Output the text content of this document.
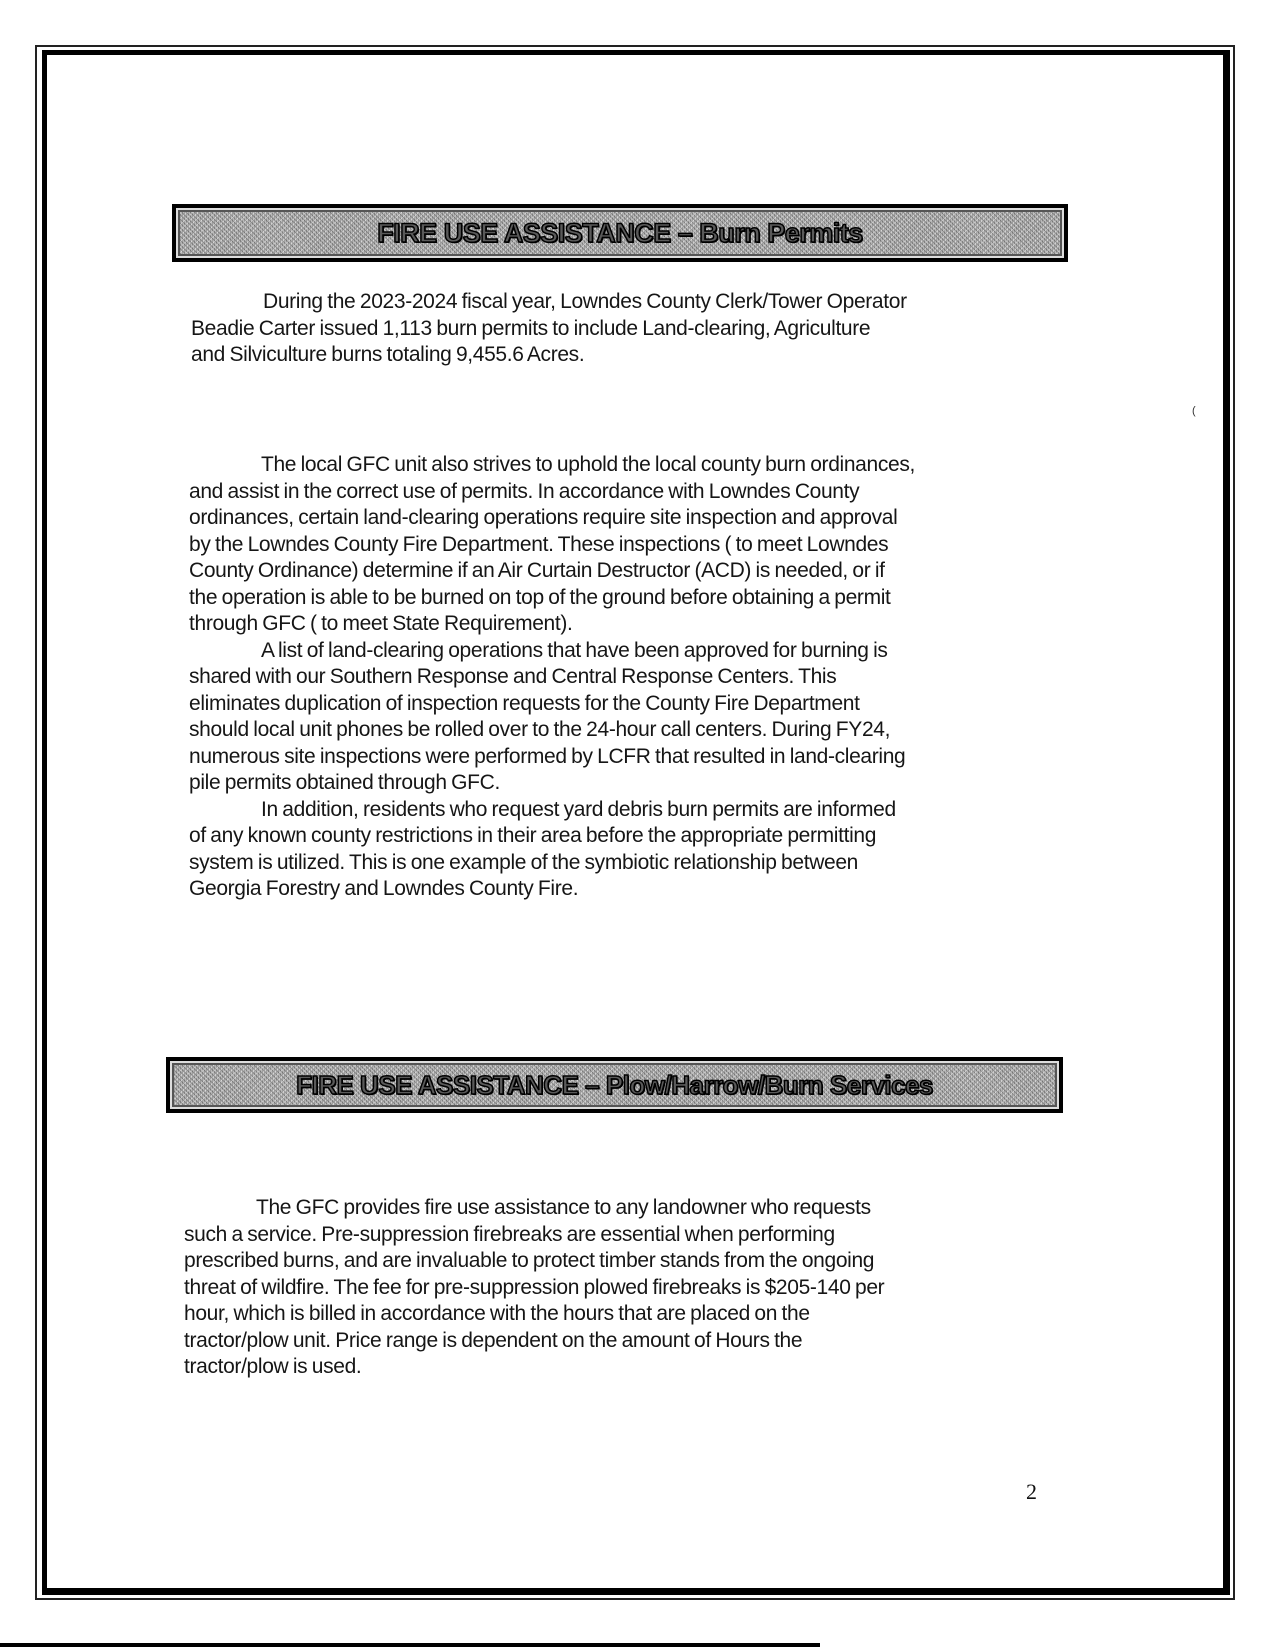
FIRE USE ASSISTANCE – Burn Permits
During the 2023-2024 fiscal year, Lowndes County Clerk/Tower Operator
Beadie Carter issued 1,113 burn permits to include Land-clearing, Agriculture
and Silviculture burns totaling 9,455.6 Acres.
(
The local GFC unit also strives to uphold the local county burn ordinances,
and assist in the correct use of permits. In accordance with Lowndes County
ordinances, certain land-clearing operations require site inspection and approval
by the Lowndes County Fire Department. These inspections ( to meet Lowndes
County Ordinance) determine if an Air Curtain Destructor (ACD) is needed, or if
the operation is able to be burned on top of the ground before obtaining a permit
through GFC ( to meet State Requirement).
A list of land-clearing operations that have been approved for burning is
shared with our Southern Response and Central Response Centers. This
eliminates duplication of inspection requests for the County Fire Department
should local unit phones be rolled over to the 24-hour call centers. During FY24,
numerous site inspections were performed by LCFR that resulted in land-clearing
pile permits obtained through GFC.
In addition, residents who request yard debris burn permits are informed
of any known county restrictions in their area before the appropriate permitting
system is utilized. This is one example of the symbiotic relationship between
Georgia Forestry and Lowndes County Fire.
FIRE USE ASSISTANCE – Plow/Harrow/Burn Services
The GFC provides fire use assistance to any landowner who requests
such a service. Pre-suppression firebreaks are essential when performing
prescribed burns, and are invaluable to protect timber stands from the ongoing
threat of wildfire. The fee for pre-suppression plowed firebreaks is $205-140 per
hour, which is billed in accordance with the hours that are placed on the
tractor/plow unit. Price range is dependent on the amount of Hours the
tractor/plow is used.
2
